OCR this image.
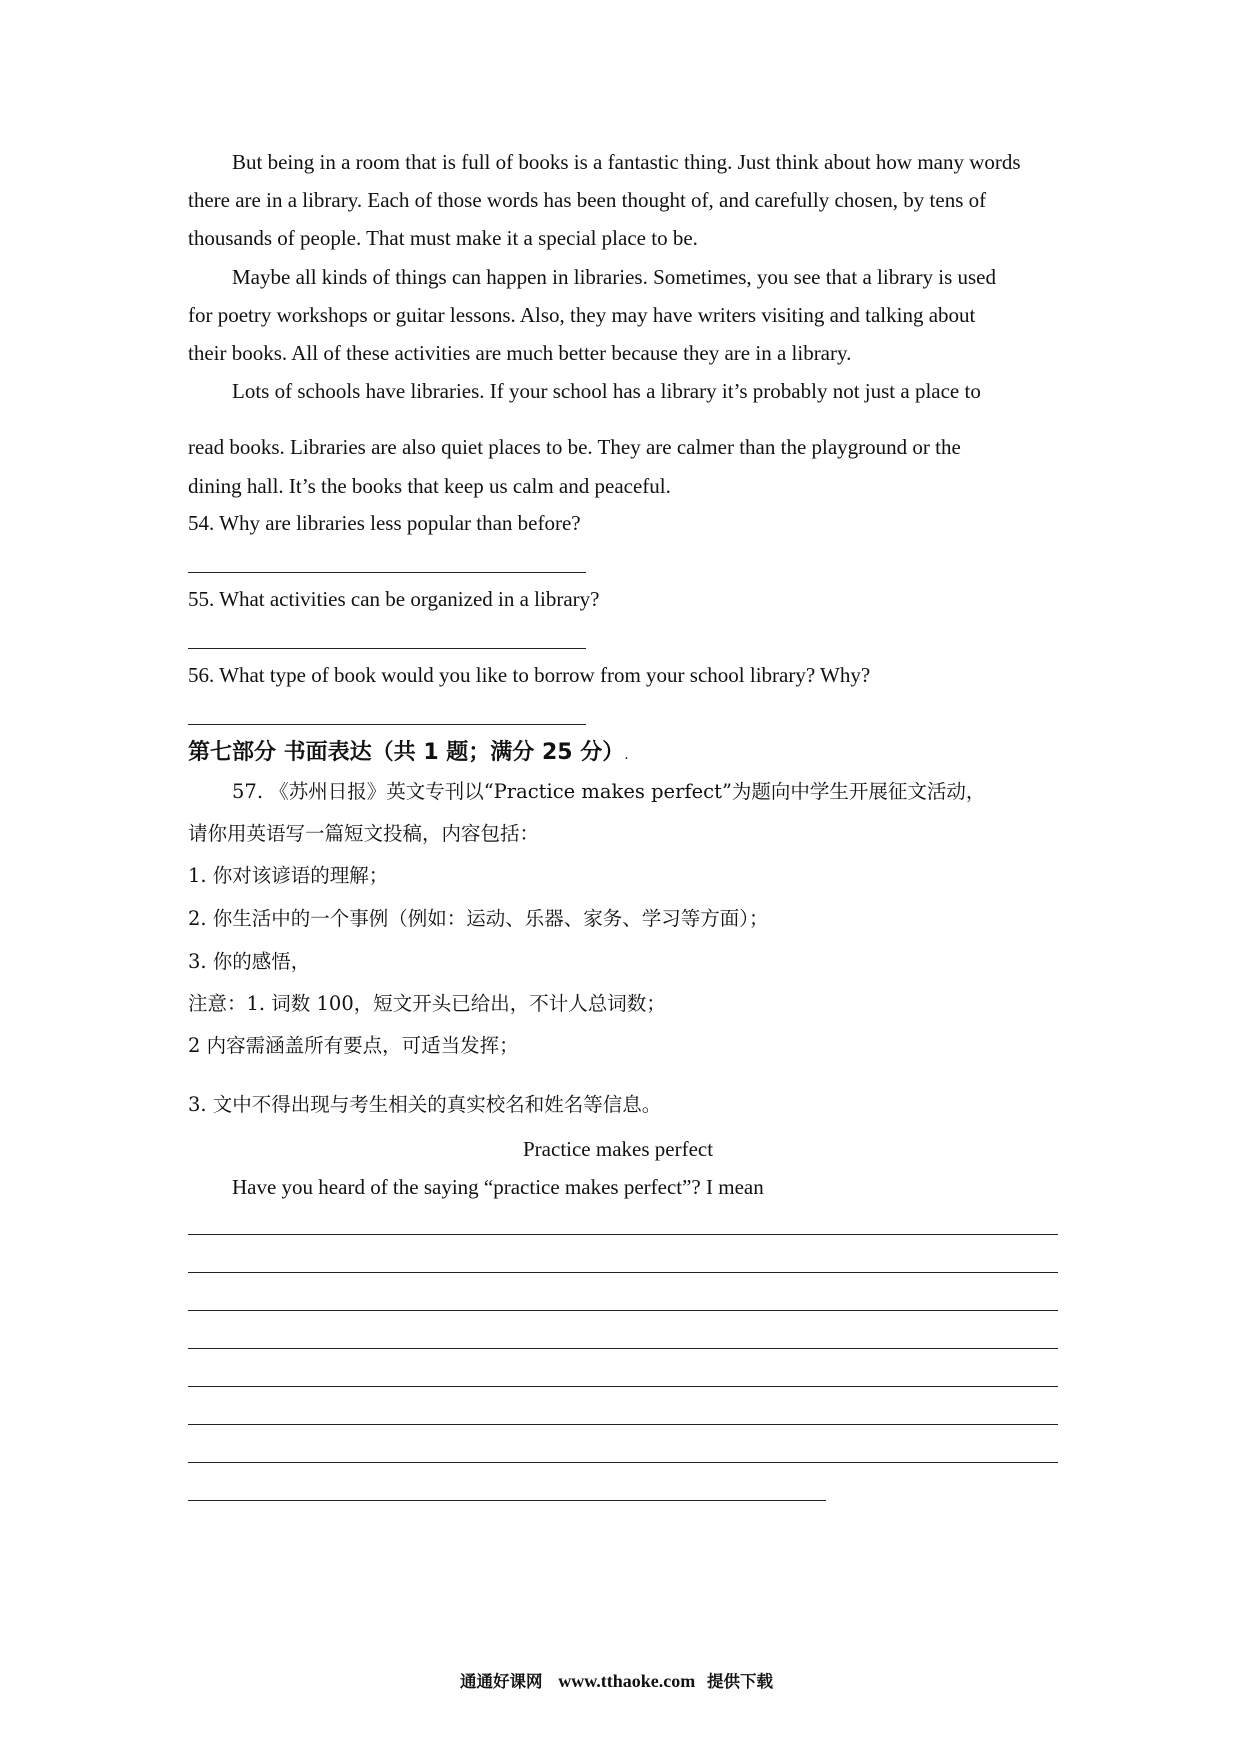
But being in a room that is full of books is a fantastic thing. Just think about how many words
there are in a library. Each of those words has been thought of, and carefully chosen, by tens of
thousands of people. That must make it a special place to be.
Maybe all kinds of things can happen in libraries. Sometimes, you see that a library is used
for poetry workshops or guitar lessons. Also, they may have writers visiting and talking about
their books. All of these activities are much better because they are in a library.
Lots of schools have libraries. If your school has a library it’s probably not just a place to
read books. Libraries are also quiet places to be. They are calmer than the playground or the
dining hall. It’s the books that keep us calm and peaceful.
54. Why are libraries less popular than before?
55. What activities can be organized in a library?
56. What type of book would you like to borrow from your school library? Why?
第七部分 书面表达（共 1 题；满分 25 分）.
57. 《苏州日报》英文专刊以“Practice makes perfect”为题向中学生开展征文活动，
请你用英语写一篇短文投稿，内容包括：
1. 你对该谚语的理解；
2. 你生活中的一个事例（例如：运动、乐器、家务、学习等方面）；
3. 你的感悟，
注意：1. 词数 100，短文开头已给出，不计人总词数；
2 内容需涵盖所有要点，可适当发挥；
3. 文中不得出现与考生相关的真实校名和姓名等信息。
Practice makes perfect
Have you heard of the saying “practice makes perfect”? I mean
通通好课网 www.tthaoke.com 提供下载
